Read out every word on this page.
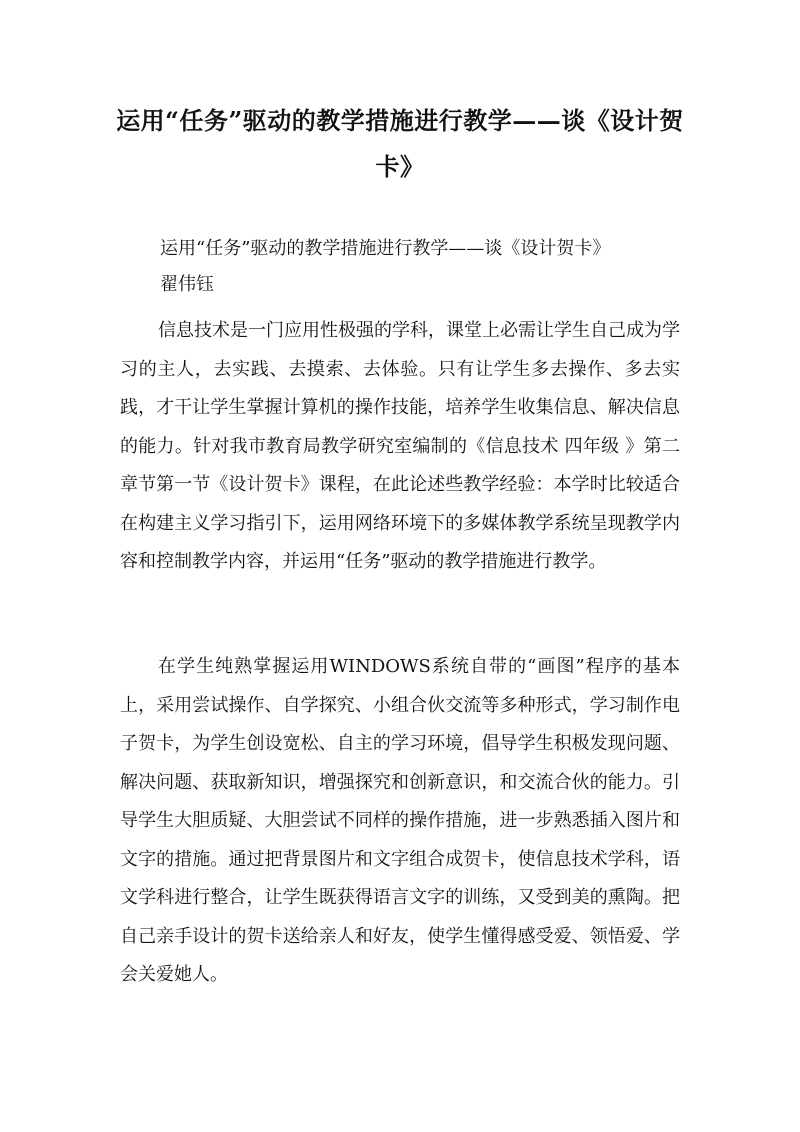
运用“任务”驱动的教学措施进行教学——谈《设计贺卡》

运用“任务”驱动的教学措施进行教学——谈《设计贺卡》

翟伟钰

信息技术是一门应用性极强的学科，课堂上必需让学生自己成为学习的主人，去实践、去摸索、去体验。只有让学生多去操作、多去实践，才干让学生掌握计算机的操作技能，培养学生收集信息、解决信息的能力。针对我市教育局教学研究室编制的《信息技术 四年级 》第二章节第一节《设计贺卡》课程，在此论述些教学经验：本学时比较适合在构建主义学习指引下，运用网络环境下的多媒体教学系统呈现教学内容和控制教学内容，并运用“任务”驱动的教学措施进行教学。

在学生纯熟掌握运用WINDOWS系统自带的“画图”程序的基本上，采用尝试操作、自学探究、小组合伙交流等多种形式，学习制作电子贺卡，为学生创设宽松、自主的学习环境，倡导学生积极发现问题、解决问题、获取新知识，增强探究和创新意识，和交流合伙的能力。引导学生大胆质疑、大胆尝试不同样的操作措施，进一步熟悉插入图片和文字的措施。通过把背景图片和文字组合成贺卡，使信息技术学科，语文学科进行整合，让学生既获得语言文字的训练，又受到美的熏陶。把自己亲手设计的贺卡送给亲人和好友，使学生懂得感受爱、领悟爱、学会关爱她人。
